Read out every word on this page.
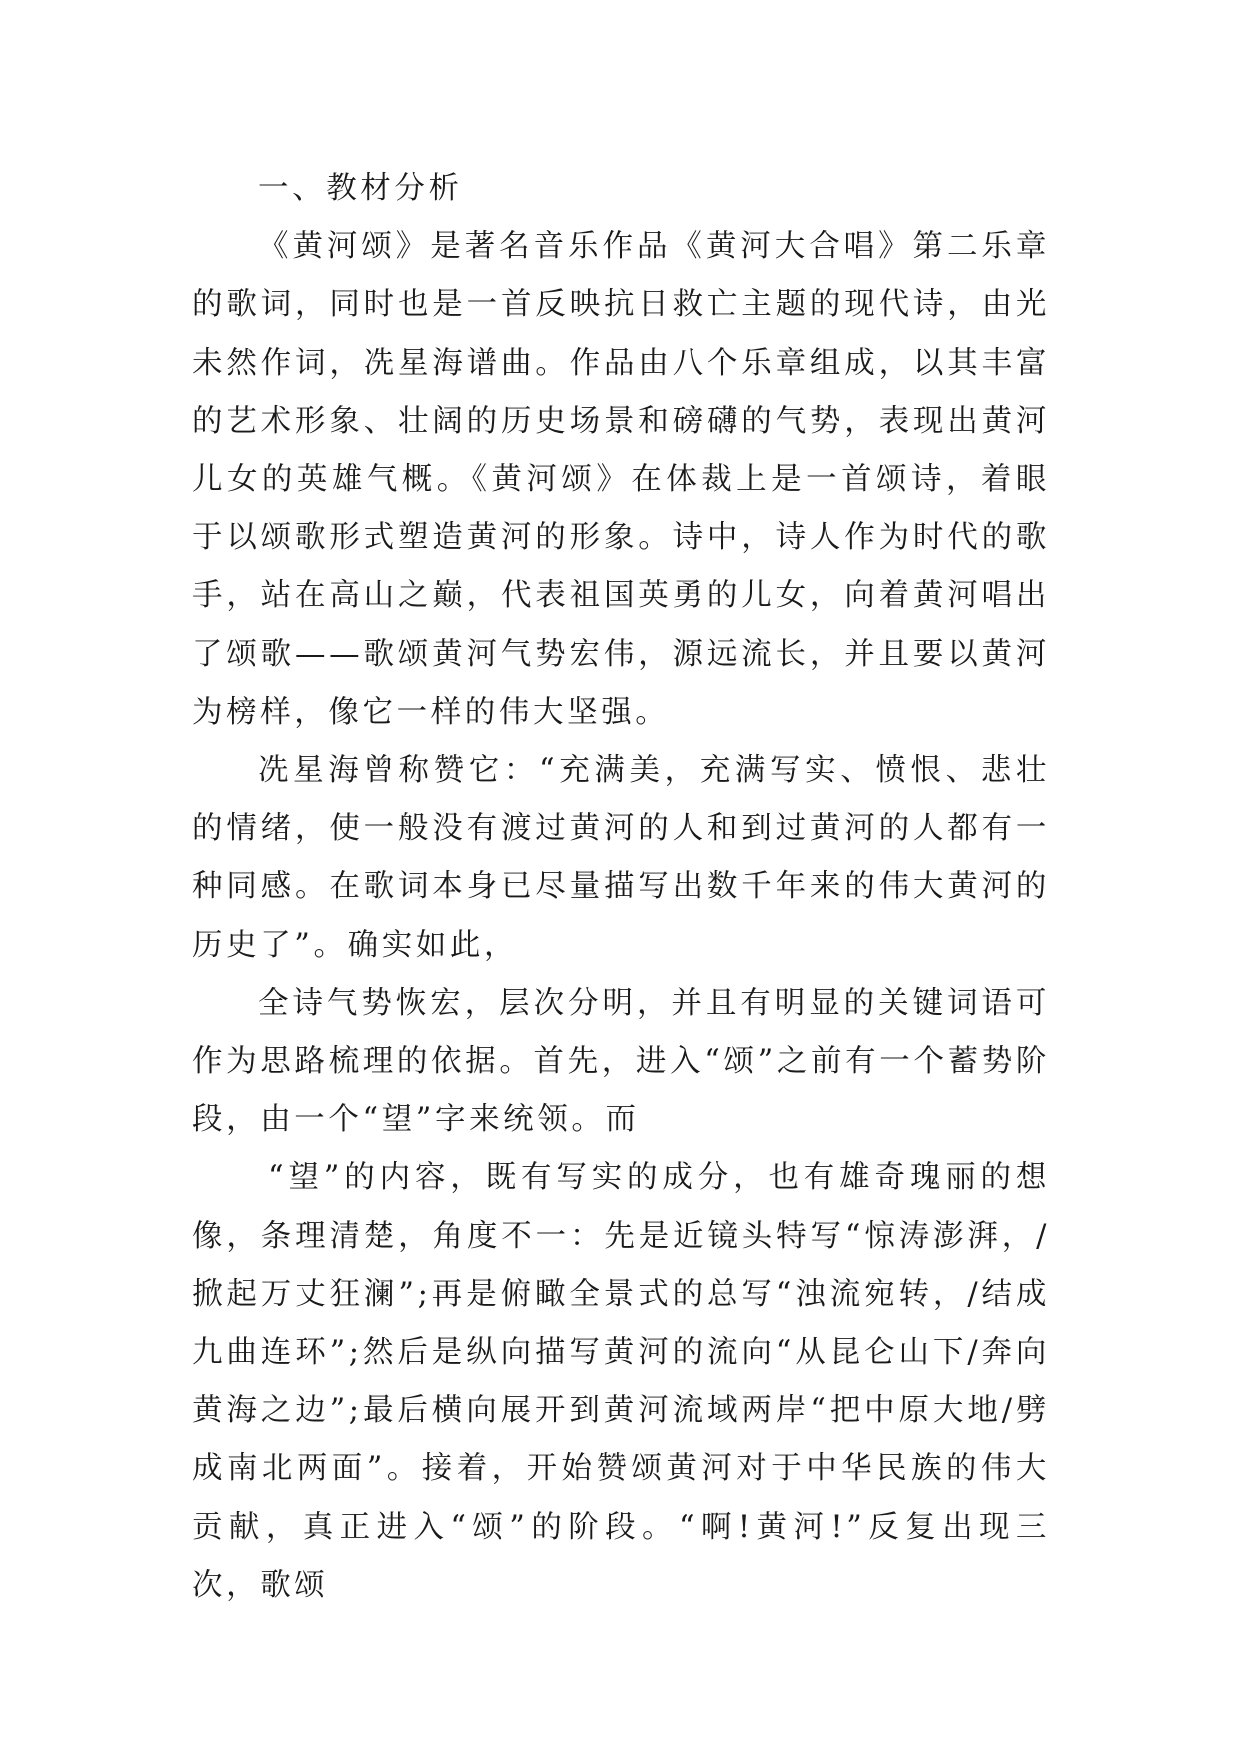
一、教材分析

《黄河颂》是著名音乐作品《黄河大合唱》第二乐章的歌词，同时也是一首反映抗日救亡主题的现代诗，由光未然作词，冼星海谱曲。作品由八个乐章组成，以其丰富的艺术形象、壮阔的历史场景和磅礴的气势，表现出黄河儿女的英雄气概。《黄河颂》在体裁上是一首颂诗，着眼于以颂歌形式塑造黄河的形象。诗中，诗人作为时代的歌手，站在高山之巅，代表祖国英勇的儿女，向着黄河唱出了颂歌——歌颂黄河气势宏伟，源远流长，并且要以黄河为榜样，像它一样的伟大坚强。

冼星海曾称赞它：“充满美，充满写实、愤恨、悲壮的情绪，使一般没有渡过黄河的人和到过黄河的人都有一种同感。在歌词本身已尽量描写出数千年来的伟大黄河的历史了”。确实如此，

全诗气势恢宏，层次分明，并且有明显的关键词语可作为思路梳理的依据。首先，进入“颂”之前有一个蓄势阶段，由一个“望”字来统领。而

“望”的内容，既有写实的成分，也有雄奇瑰丽的想像，条理清楚，角度不一：先是近镜头特写“惊涛澎湃，/掀起万丈狂澜”;再是俯瞰全景式的总写“浊流宛转，/结成九曲连环”;然后是纵向描写黄河的流向“从昆仑山下/奔向黄海之边”;最后横向展开到黄河流域两岸“把中原大地/劈成南北两面”。接着，开始赞颂黄河对于中华民族的伟大贡献，真正进入“颂”的阶段。“啊!黄河!”反复出现三次，歌颂
